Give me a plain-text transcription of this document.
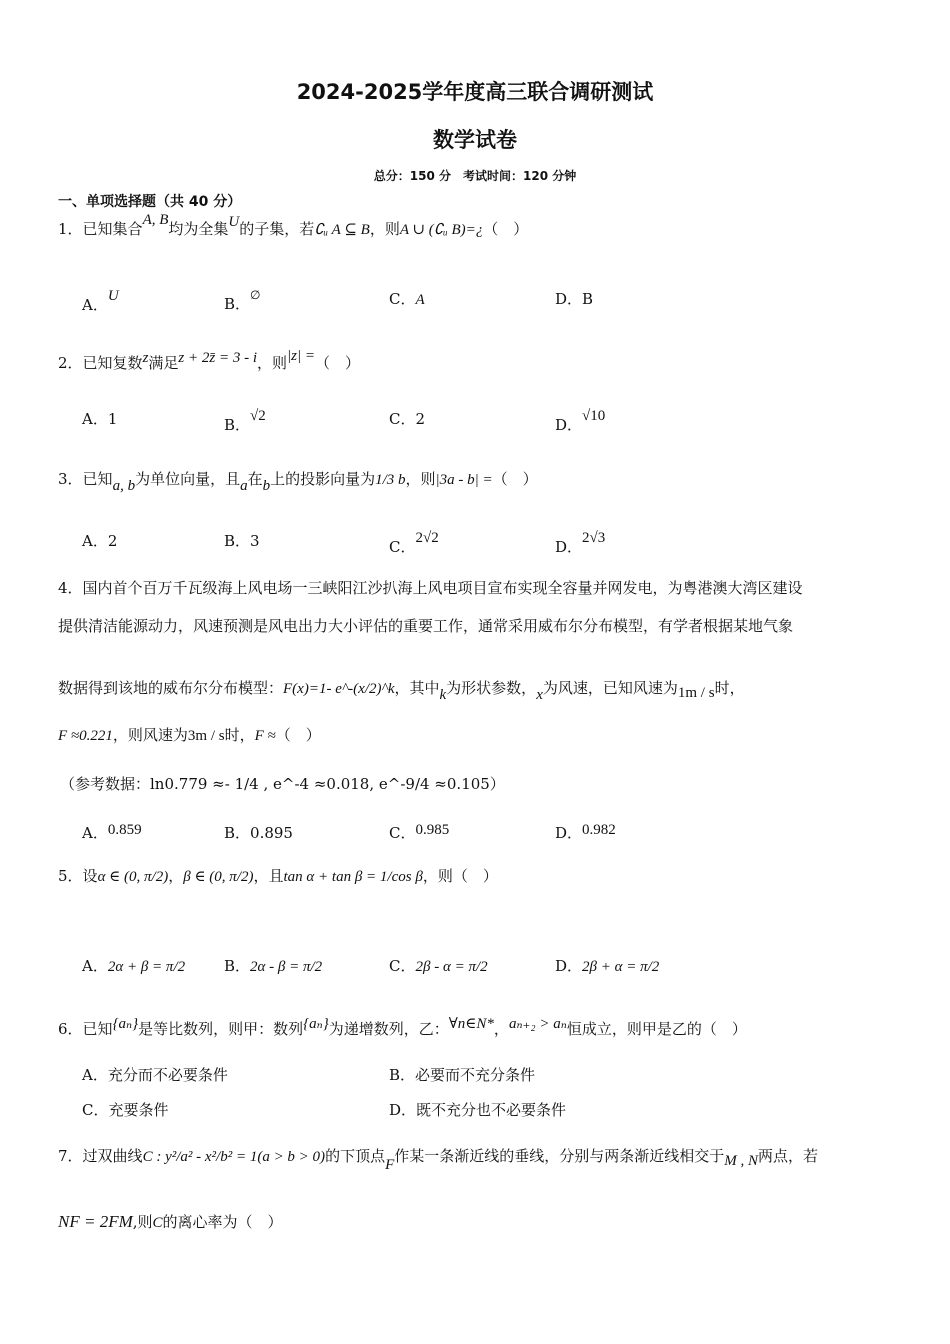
2024-2025学年度高三联合调研测试
数学试卷
总分：150 分　考试时间：120 分钟
一、单项选择题（共 40 分）
1．已知集合A, B均为全集U的子集，若∁ᵤ A ⊆ B，则A ∪ (∁ᵤ B)=¿（　）
A．U	B．∅	C．A	D．B
2．已知复数z满足z + 2z̄ = 3 - i，则|z| =（　）
A．1	B．√2	C．2	D．√10
3．已知a, b为单位向量，且a在b上的投影向量为1/3 b，则|3a - b| =（　）
A．2	B．3	C．2√2	D．2√3
4．国内首个百万千瓦级海上风电场一三峡阳江沙扒海上风电项目宣布实现全容量并网发电，为粤港澳大湾区建设
提供清洁能源动力，风速预测是风电出力大小评估的重要工作，通常采用威布尔分布模型，有学者根据某地气象
数据得到该地的威布尔分布模型：F(x)=1- e^-(x/2)^k，其中k为形状参数，x为风速，已知风速为1m / s时，
F ≈0.221，则风速为3m / s时，F ≈（　）
（参考数据：ln0.779 ≈- 1/4 , e^-4 ≈0.018, e^-9/4 ≈0.105）
A．0.859	B．0.895	C．0.985	D．0.982
5．设α ∈ (0, π/2)，β ∈ (0, π/2)，且tan α + tan β = 1/cos β，则（　）
A．2α + β = π/2	B．2α - β = π/2	C．2β - α = π/2	D．2β + α = π/2
6．已知{aₙ}是等比数列，则甲：数列{aₙ}为递增数列，乙：∀n∈N*，aₙ₊₂ > aₙ恒成立，则甲是乙的（　）
A．充分而不必要条件	B．必要而不充分条件
C．充要条件	D．既不充分也不必要条件
7．过双曲线C : y²/a² - x²/b² = 1(a > b > 0)的下顶点F作某一条渐近线的垂线，分别与两条渐近线相交于M , N两点，若
NF = 2FM,则C的离心率为（　）
